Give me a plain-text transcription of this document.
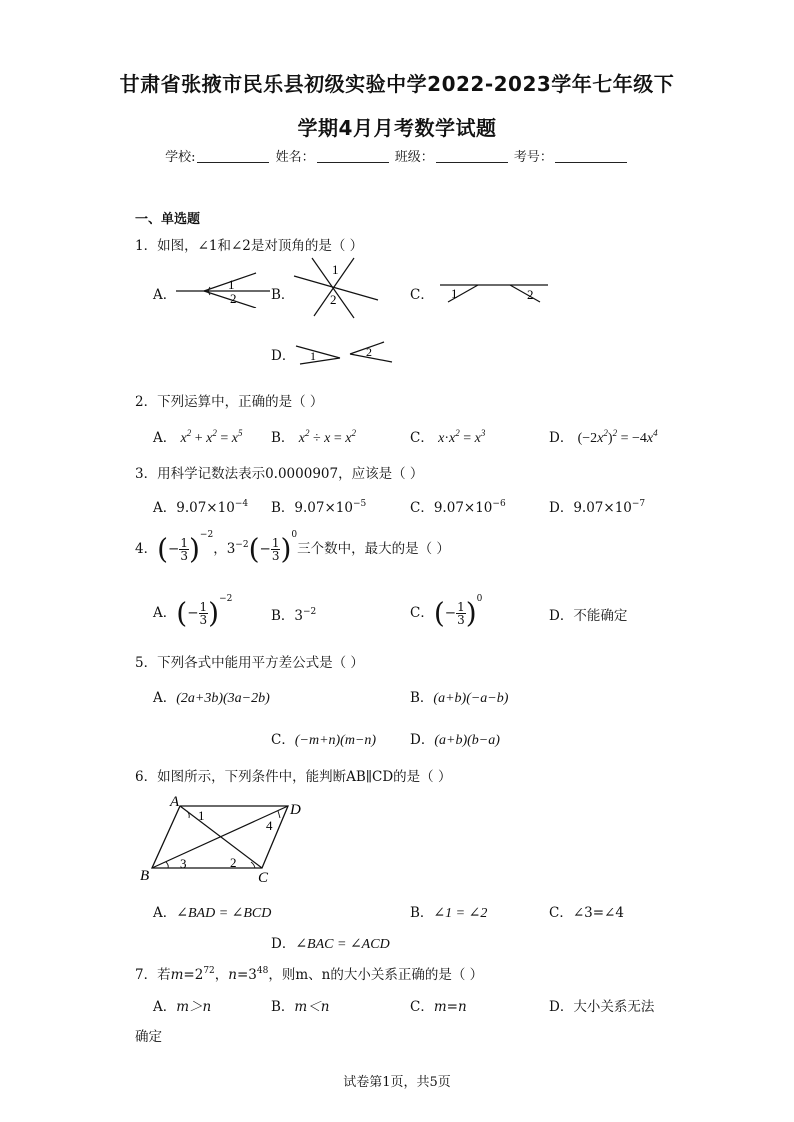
甘肃省张掖市民乐县初级实验中学2022-2023学年七年级下
学期4月月考数学试题
学校:	姓名：	班级：	考号：
一、单选题
1．如图，∠1和∠2是对顶角的是（ ）
A．
1
2	B．
1
2	C． 1	2
D． 1	2
2．下列运算中，正确的是（ ）
A． $x^2 + x^2 = x^5$ B． $x^2 \div x = x^2$	C． $x\cdot x^2 = x^3$	D． $(-2x^2)^2 = -4x^4$
3．用科学记数法表示0.0000907，应该是（ ）
A．$9.07\times 10^{-4}$ B．$9.07\times 10^{-5}$	C．$9.07\times 10^{-6}$	D．$9.07\times 10^{-7}$
4．(− $\frac{1}{3} )^{-2}$，$3^{-2}(- \frac{1}{3} )^0$三个数中，最大的是（ ）
A．(− $\frac{1}{3} )^{-2}$
B．$3^{-2}$	C．(− $\frac{1}{3} )^0$
D．不能确定
5．下列各式中能用平方差公式是（ ）
A．(2a+3b)(3a−2b)	B．(a+b)(−a−b)
C．(−m+n)(m−n)	D．(a+b)(b−a)
6．如图所示，下列条件中，能判断AB∥CD的是（ ）
A	D
B	C
1
2
3
4
A．∠BAD = ∠BCD	B．∠1 = ∠2	C．∠3=∠4
D．∠BAC = ∠ACD
7．若$m=2^{72}$，$n=3^{48}$，则m、n的大小关系正确的是（ ）
A．m＞n	B．m＜n	C．m=n	D．大小关系无法
确定
试卷第1页，共5页
